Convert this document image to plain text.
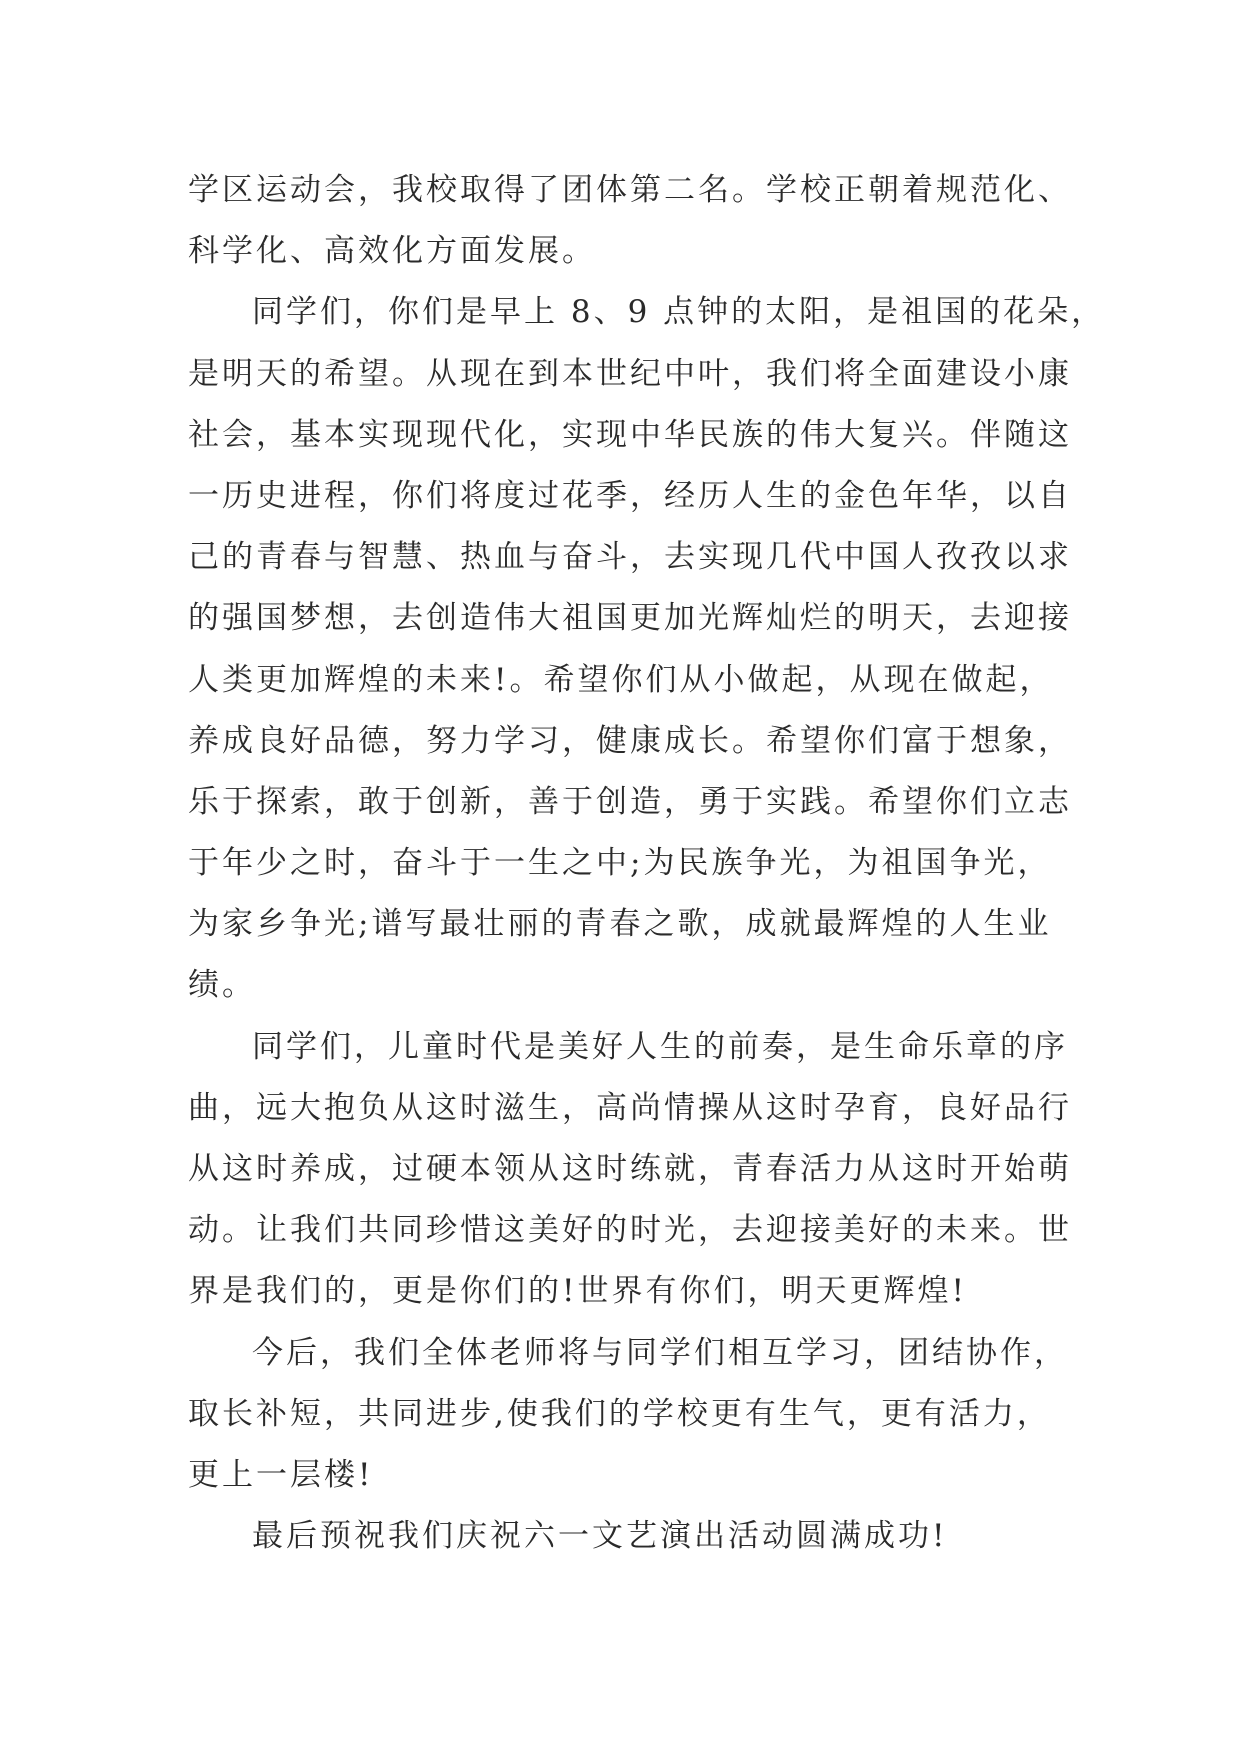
学区运动会，我校取得了团体第二名。学校正朝着规范化、
科学化、高效化方面发展。
同学们，你们是早上 8、9 点钟的太阳，是祖国的花朵，
是明天的希望。从现在到本世纪中叶，我们将全面建设小康
社会，基本实现现代化，实现中华民族的伟大复兴。伴随这
一历史进程，你们将度过花季，经历人生的金色年华，以自
己的青春与智慧、热血与奋斗，去实现几代中国人孜孜以求
的强国梦想，去创造伟大祖国更加光辉灿烂的明天，去迎接
人类更加辉煌的未来!。希望你们从小做起，从现在做起，
养成良好品德，努力学习，健康成长。希望你们富于想象，
乐于探索，敢于创新，善于创造，勇于实践。希望你们立志
于年少之时，奋斗于一生之中;为民族争光，为祖国争光，
为家乡争光;谱写最壮丽的青春之歌，成就最辉煌的人生业
绩。
同学们，儿童时代是美好人生的前奏，是生命乐章的序
曲，远大抱负从这时滋生，高尚情操从这时孕育，良好品行
从这时养成，过硬本领从这时练就，青春活力从这时开始萌
动。让我们共同珍惜这美好的时光，去迎接美好的未来。世
界是我们的，更是你们的!世界有你们，明天更辉煌!
今后，我们全体老师将与同学们相互学习，团结协作，
取长补短，共同进步,使我们的学校更有生气，更有活力，
更上一层楼!
最后预祝我们庆祝六一文艺演出活动圆满成功!
